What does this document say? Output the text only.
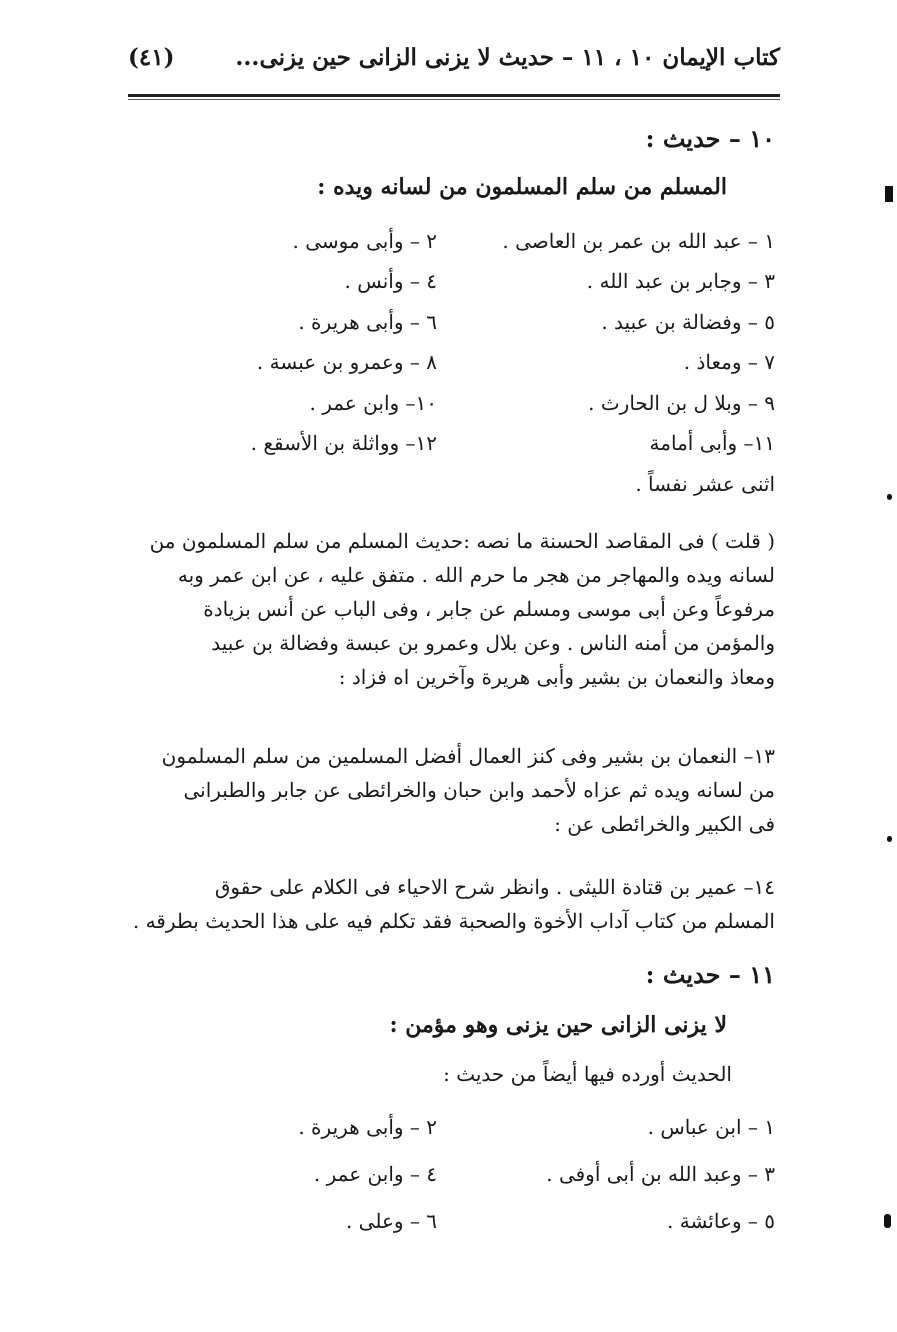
كتاب الإيمان ١٠ ، ١١ – حديث لا يزنى الزانى حين يزنى...
(٤١)
١٠ – حديث :
المسلم من سلم المسلمون من لسانه ويده :
١ – عبد الله بن عمر بن العاصى .
٢ – وأبى موسى .
٣ – وجابر بن عبد الله .
٤ – وأنس .
٥ – وفضالة بن عبيد .
٦ – وأبى هريرة .
٧ – ومعاذ .
٨ – وعمرو بن عبسة .
٩ – وبلا ل بن الحارث .
١٠– وابن عمر .
١١– وأبى أمامة
١٢– وواثلة بن الأسقع .
اثنى عشر نفساً .
( قلت ) فى المقاصد الحسنة ما نصه :حديث المسلم من سلم المسلمون من
لسانه ويده والمهاجر من هجر ما حرم الله . متفق عليه ، عن ابن عمر وبه
مرفوعاً وعن أبى موسى ومسلم عن جابر ، وفى الباب عن أنس بزيادة
والمؤمن من أمنه الناس . وعن بلال وعمرو بن عبسة وفضالة بن عبيد
ومعاذ والنعمان بن بشير وأبى هريرة وآخرين اه فزاد :
١٣– النعمان بن بشير وفى كنز العمال أفضل المسلمين من سلم المسلمون
من لسانه ويده ثم عزاه لأحمد وابن حبان والخرائطى عن جابر والطبرانى
فى الكبير والخرائطى عن :
١٤– عمير بن قتادة الليثى . وانظر شرح الاحياء فى الكلام على حقوق
المسلم من كتاب آداب الأخوة والصحبة فقد تكلم فيه على هذا الحديث بطرقه .
١١ – حديث :
لا يزنى الزانى حين يزنى وهو مؤمن :
الحديث أورده فيها أيضاً من حديث :
١ – ابن عباس .
٢ – وأبى هريرة .
٣ – وعبد الله بن أبى أوفى .
٤ – وابن عمر .
٥ – وعائشة .
٦ – وعلى .
